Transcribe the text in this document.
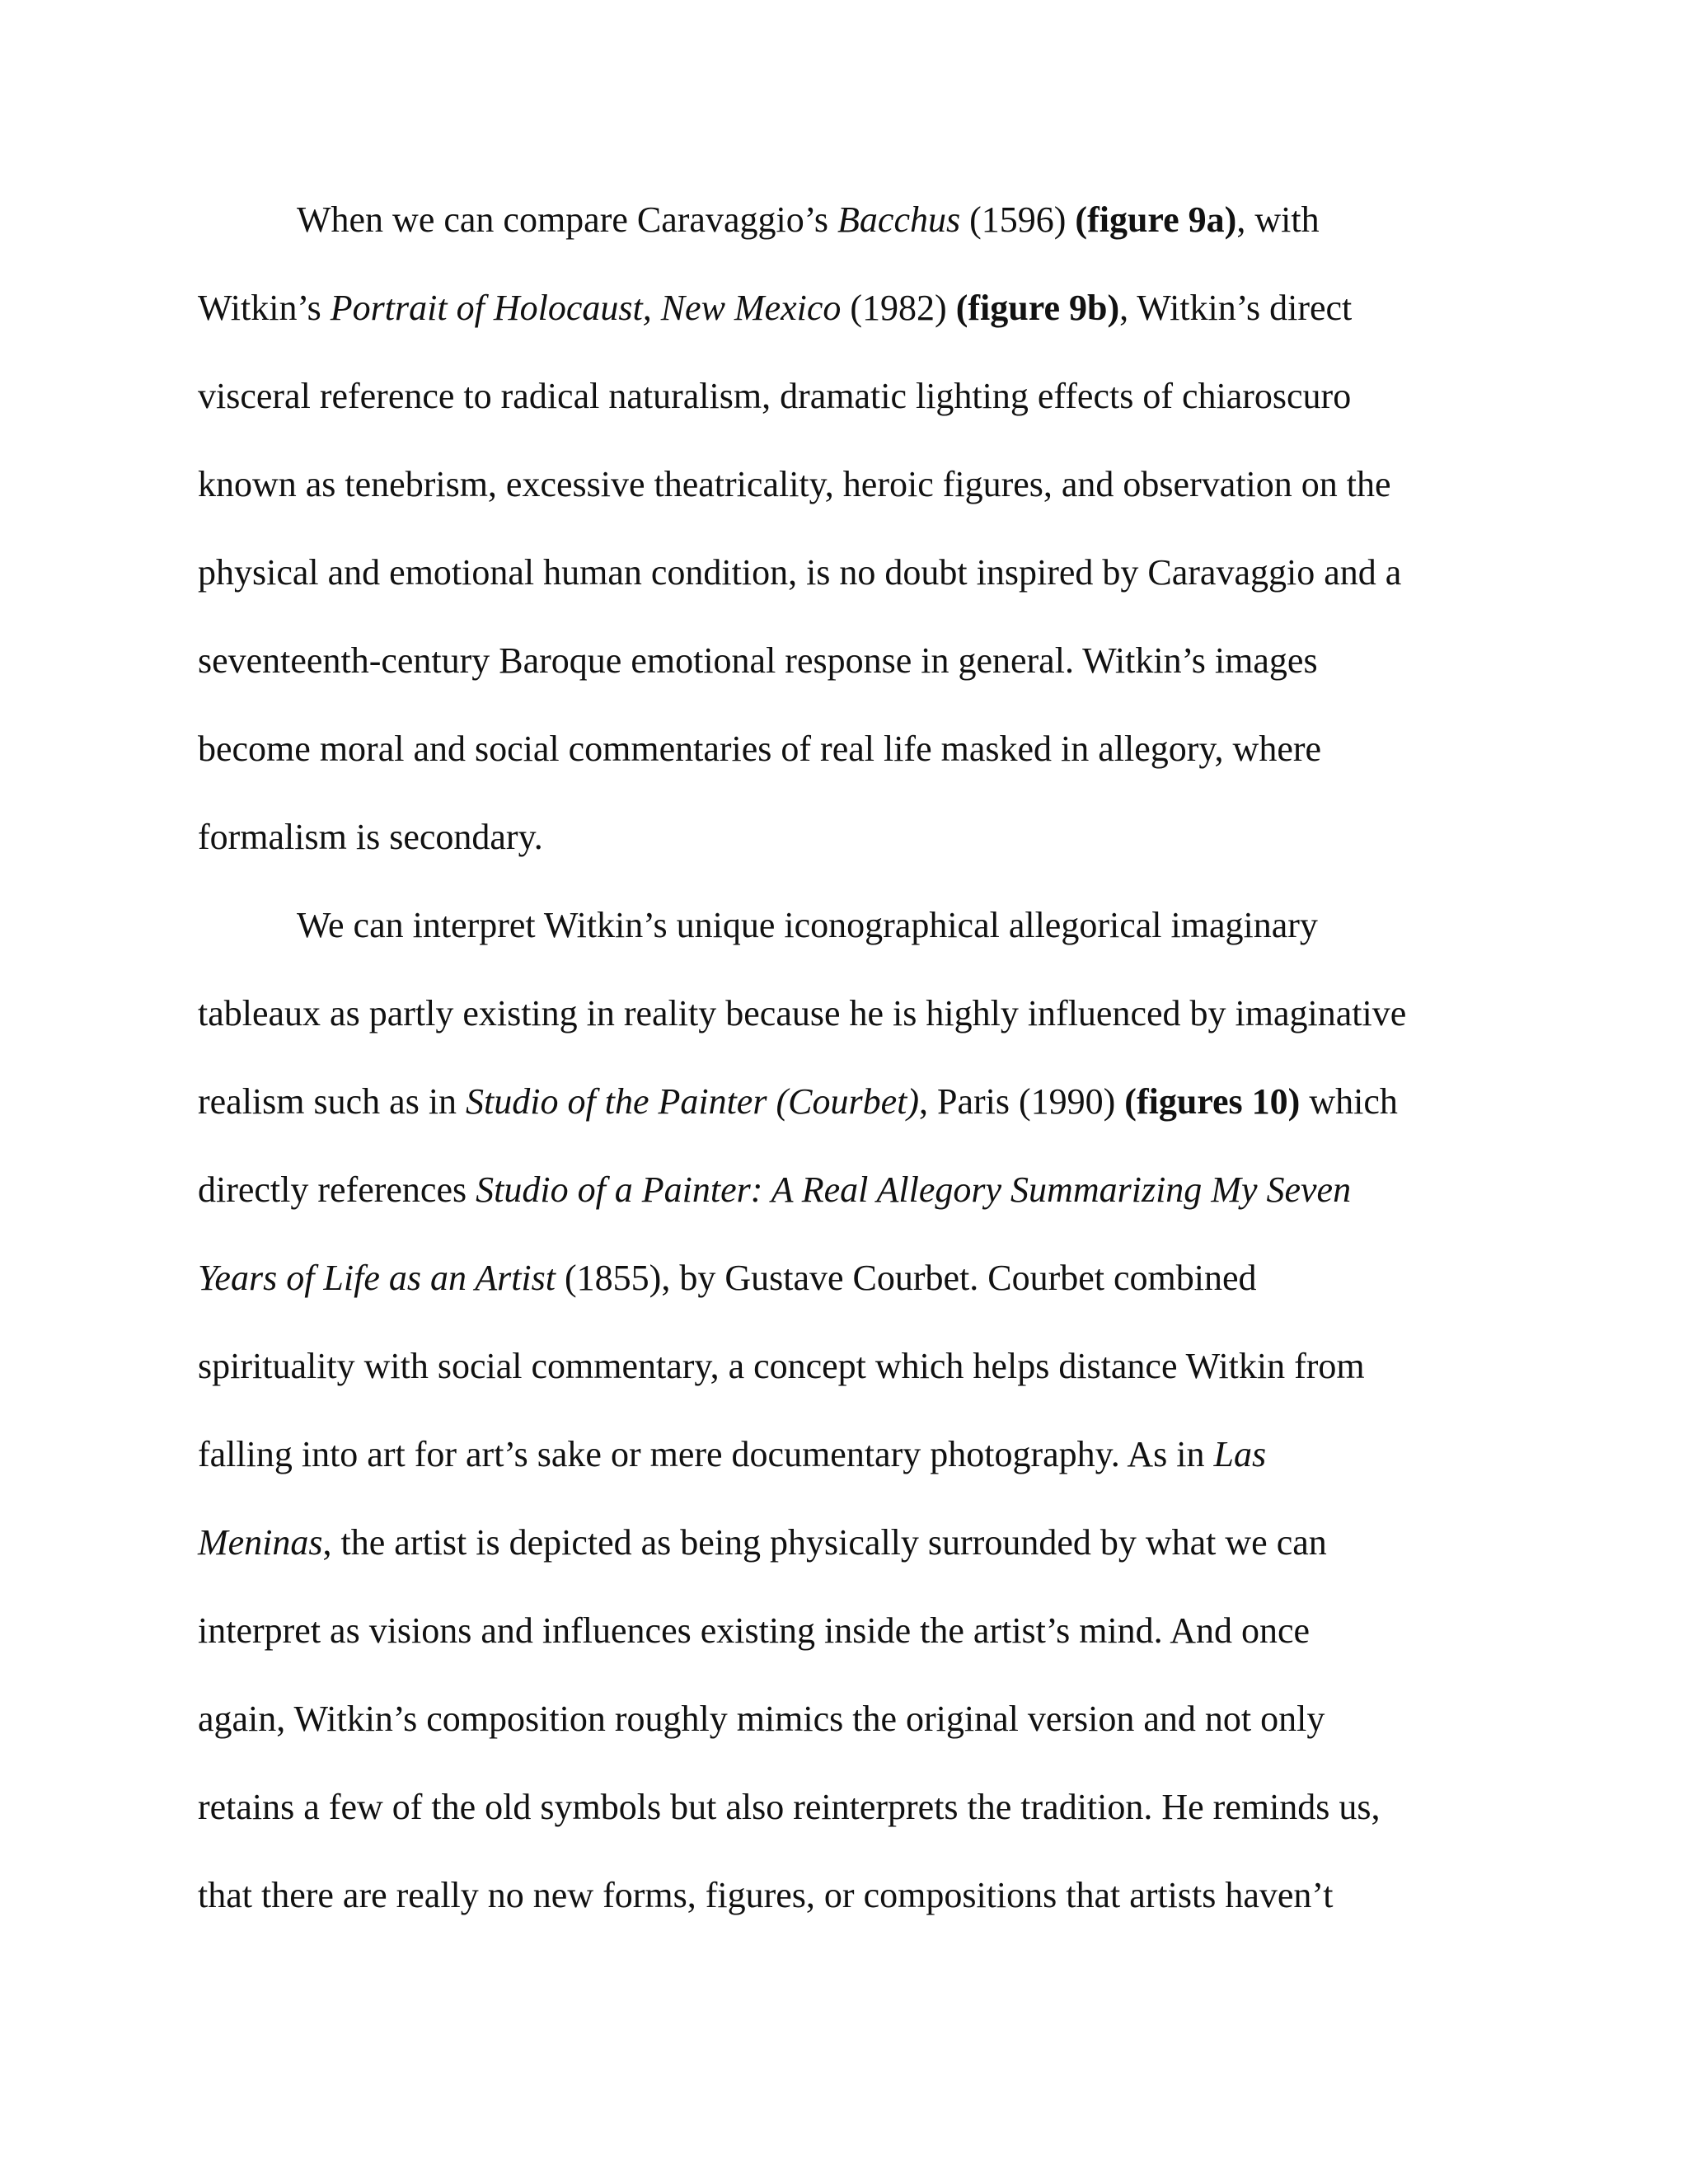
When we can compare Caravaggio’s Bacchus (1596) (figure 9a), with
Witkin’s Portrait of Holocaust, New Mexico (1982) (figure 9b), Witkin’s direct
visceral reference to radical naturalism, dramatic lighting effects of chiaroscuro
known as tenebrism, excessive theatricality, heroic figures, and observation on the
physical and emotional human condition, is no doubt inspired by Caravaggio and a
seventeenth-century Baroque emotional response in general. Witkin’s images
become moral and social commentaries of real life masked in allegory, where
formalism is secondary.
We can interpret Witkin’s unique iconographical allegorical imaginary
tableaux as partly existing in reality because he is highly influenced by imaginative
realism such as in Studio of the Painter (Courbet), Paris (1990) (figures 10) which
directly references Studio of a Painter: A Real Allegory Summarizing My Seven
Years of Life as an Artist (1855), by Gustave Courbet. Courbet combined
spirituality with social commentary, a concept which helps distance Witkin from
falling into art for art’s sake or mere documentary photography. As in Las
Meninas, the artist is depicted as being physically surrounded by what we can
interpret as visions and influences existing inside the artist’s mind. And once
again, Witkin’s composition roughly mimics the original version and not only
retains a few of the old symbols but also reinterprets the tradition. He reminds us,
that there are really no new forms, figures, or compositions that artists haven’t
